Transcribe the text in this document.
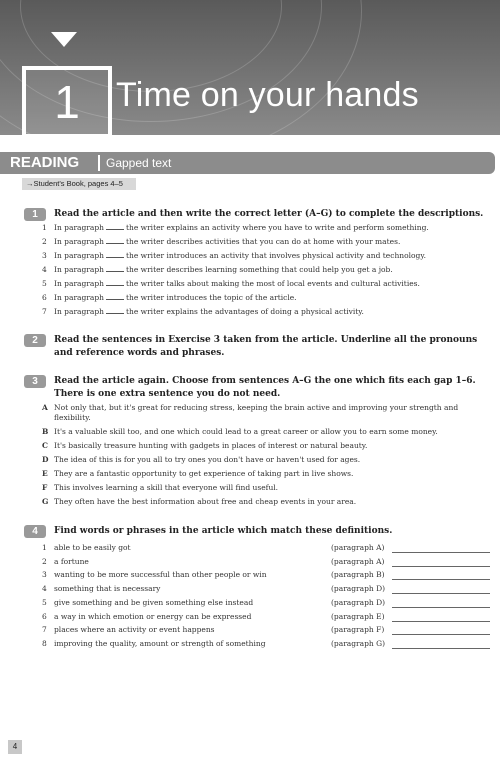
1	Time on your hands
READING Gapped text
→Student's Book, pages 4–5
1	Read the article and then write the correct letter (A–G) to complete the descriptions.
1 In paragraph	the writer explains an activity where you have to write and perform something.
2 In paragraph	the writer describes activities that you can do at home with your mates.
3 In paragraph	the writer introduces an activity that involves physical activity and technology.
4 In paragraph	the writer describes learning something that could help you get a job.
5 In paragraph	the writer talks about making the most of local events and cultural activities.
6 In paragraph	the writer introduces the topic of the article.
7 In paragraph	the writer explains the advantages of doing a physical activity.
2	Read the sentences in Exercise 3 taken from the article. Underline all the pronouns and reference words and phrases.
3	Read the article again. Choose from sentences A–G the one which fits each gap 1–6. There is one extra sentence you do not need.
A Not only that, but it's great for reducing stress, keeping the brain active and improving your strength and flexibility.
B It's a valuable skill too, and one which could lead to a great career or allow you to earn some money.
C It's basically treasure hunting with gadgets in places of interest or natural beauty.
D The idea of this is for you all to try ones you don't have or haven't used for ages.
E They are a fantastic opportunity to get experience of taking part in live shows.
F This involves learning a skill that everyone will find useful.
G They often have the best information about free and cheap events in your area.
4	Find words or phrases in the article which match these definitions.
1 able to be easily got	(paragraph A)
2 a fortune	(paragraph A)
3 wanting to be more successful than other people or win	(paragraph B)
4 something that is necessary	(paragraph D)
5 give something and be given something else instead	(paragraph D)
6 a way in which emotion or energy can be expressed	(paragraph E)
7 places where an activity or event happens	(paragraph F)
8 improving the quality, amount or strength of something	(paragraph G)
4
